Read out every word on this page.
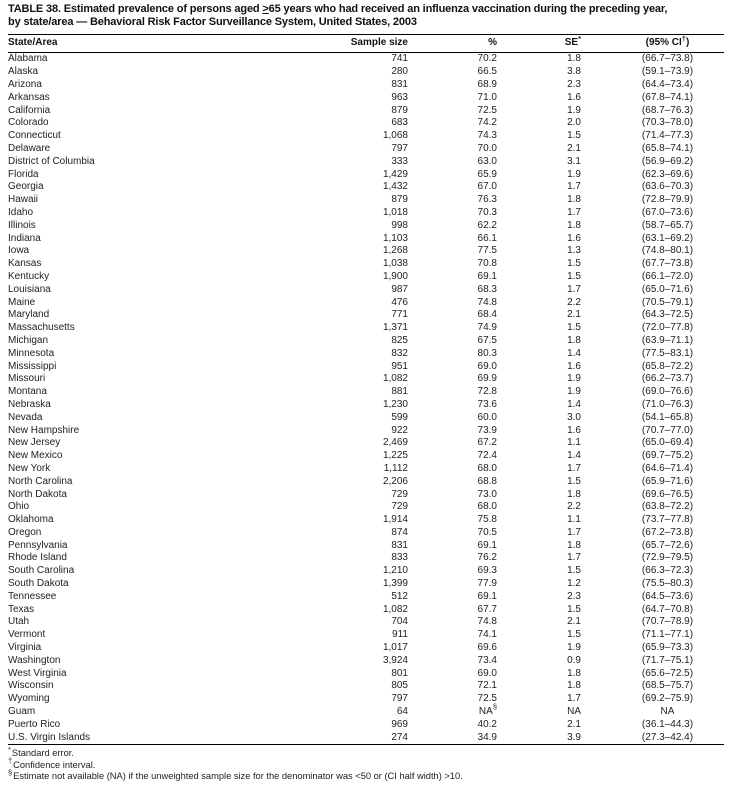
TABLE 38. Estimated prevalence of persons aged ≥65 years who had received an influenza vaccination during the preceding year,
by state/area — Behavioral Risk Factor Surveillance System, United States, 2003
State/Area	Sample size	%	SE*	(95% CI†)
Alabama	741	70.2	1.8	(66.7–73.8)
Alaska	280	66.5	3.8	(59.1–73.9)
Arizona	831	68.9	2.3	(64.4–73.4)
Arkansas	963	71.0	1.6	(67.8–74.1)
California	879	72.5	1.9	(68.7–76.3)
Colorado	683	74.2	2.0	(70.3–78.0)
Connecticut	1,068	74.3	1.5	(71.4–77.3)
Delaware	797	70.0	2.1	(65.8–74.1)
District of Columbia	333	63.0	3.1	(56.9–69.2)
Florida	1,429	65.9	1.9	(62.3–69.6)
Georgia	1,432	67.0	1.7	(63.6–70.3)
Hawaii	879	76.3	1.8	(72.8–79.9)
Idaho	1,018	70.3	1.7	(67.0–73.6)
Illinois	998	62.2	1.8	(58.7–65.7)
Indiana	1,103	66.1	1.6	(63.1–69.2)
Iowa	1,268	77.5	1.3	(74.8–80.1)
Kansas	1,038	70.8	1.5	(67.7–73.8)
Kentucky	1,900	69.1	1.5	(66.1–72.0)
Louisiana	987	68.3	1.7	(65.0–71.6)
Maine	476	74.8	2.2	(70.5–79.1)
Maryland	771	68.4	2.1	(64.3–72.5)
Massachusetts	1,371	74.9	1.5	(72.0–77.8)
Michigan	825	67.5	1.8	(63.9–71.1)
Minnesota	832	80.3	1.4	(77.5–83.1)
Mississippi	951	69.0	1.6	(65.8–72.2)
Missouri	1,082	69.9	1.9	(66.2–73.7)
Montana	881	72.8	1.9	(69.0–76.6)
Nebraska	1,230	73.6	1.4	(71.0–76.3)
Nevada	599	60.0	3.0	(54.1–65.8)
New Hampshire	922	73.9	1.6	(70.7–77.0)
New Jersey	2,469	67.2	1.1	(65.0–69.4)
New Mexico	1,225	72.4	1.4	(69.7–75.2)
New York	1,112	68.0	1.7	(64.6–71.4)
North Carolina	2,206	68.8	1.5	(65.9–71.6)
North Dakota	729	73.0	1.8	(69.6–76.5)
Ohio	729	68.0	2.2	(63.8–72.2)
Oklahoma	1,914	75.8	1.1	(73.7–77.8)
Oregon	874	70.5	1.7	(67.2–73.8)
Pennsylvania	831	69.1	1.8	(65.7–72.6)
Rhode Island	833	76.2	1.7	(72.9–79.5)
South Carolina	1,210	69.3	1.5	(66.3–72.3)
South Dakota	1,399	77.9	1.2	(75.5–80.3)
Tennessee	512	69.1	2.3	(64.5–73.6)
Texas	1,082	67.7	1.5	(64.7–70.8)
Utah	704	74.8	2.1	(70.7–78.9)
Vermont	911	74.1	1.5	(71.1–77.1)
Virginia	1,017	69.6	1.9	(65.9–73.3)
Washington	3,924	73.4	0.9	(71.7–75.1)
West Virginia	801	69.0	1.8	(65.6–72.5)
Wisconsin	805	72.1	1.8	(68.5–75.7)
Wyoming	797	72.5	1.7	(69.2–75.9)
Guam	64	NA§	NA	NA
Puerto Rico	969	40.2	2.1	(36.1–44.3)
U.S. Virgin Islands	274	34.9	3.9	(27.3–42.4)
*Standard error.
†Confidence interval.
§Estimate not available (NA) if the unweighted sample size for the denominator was <50 or (CI half width) >10.
